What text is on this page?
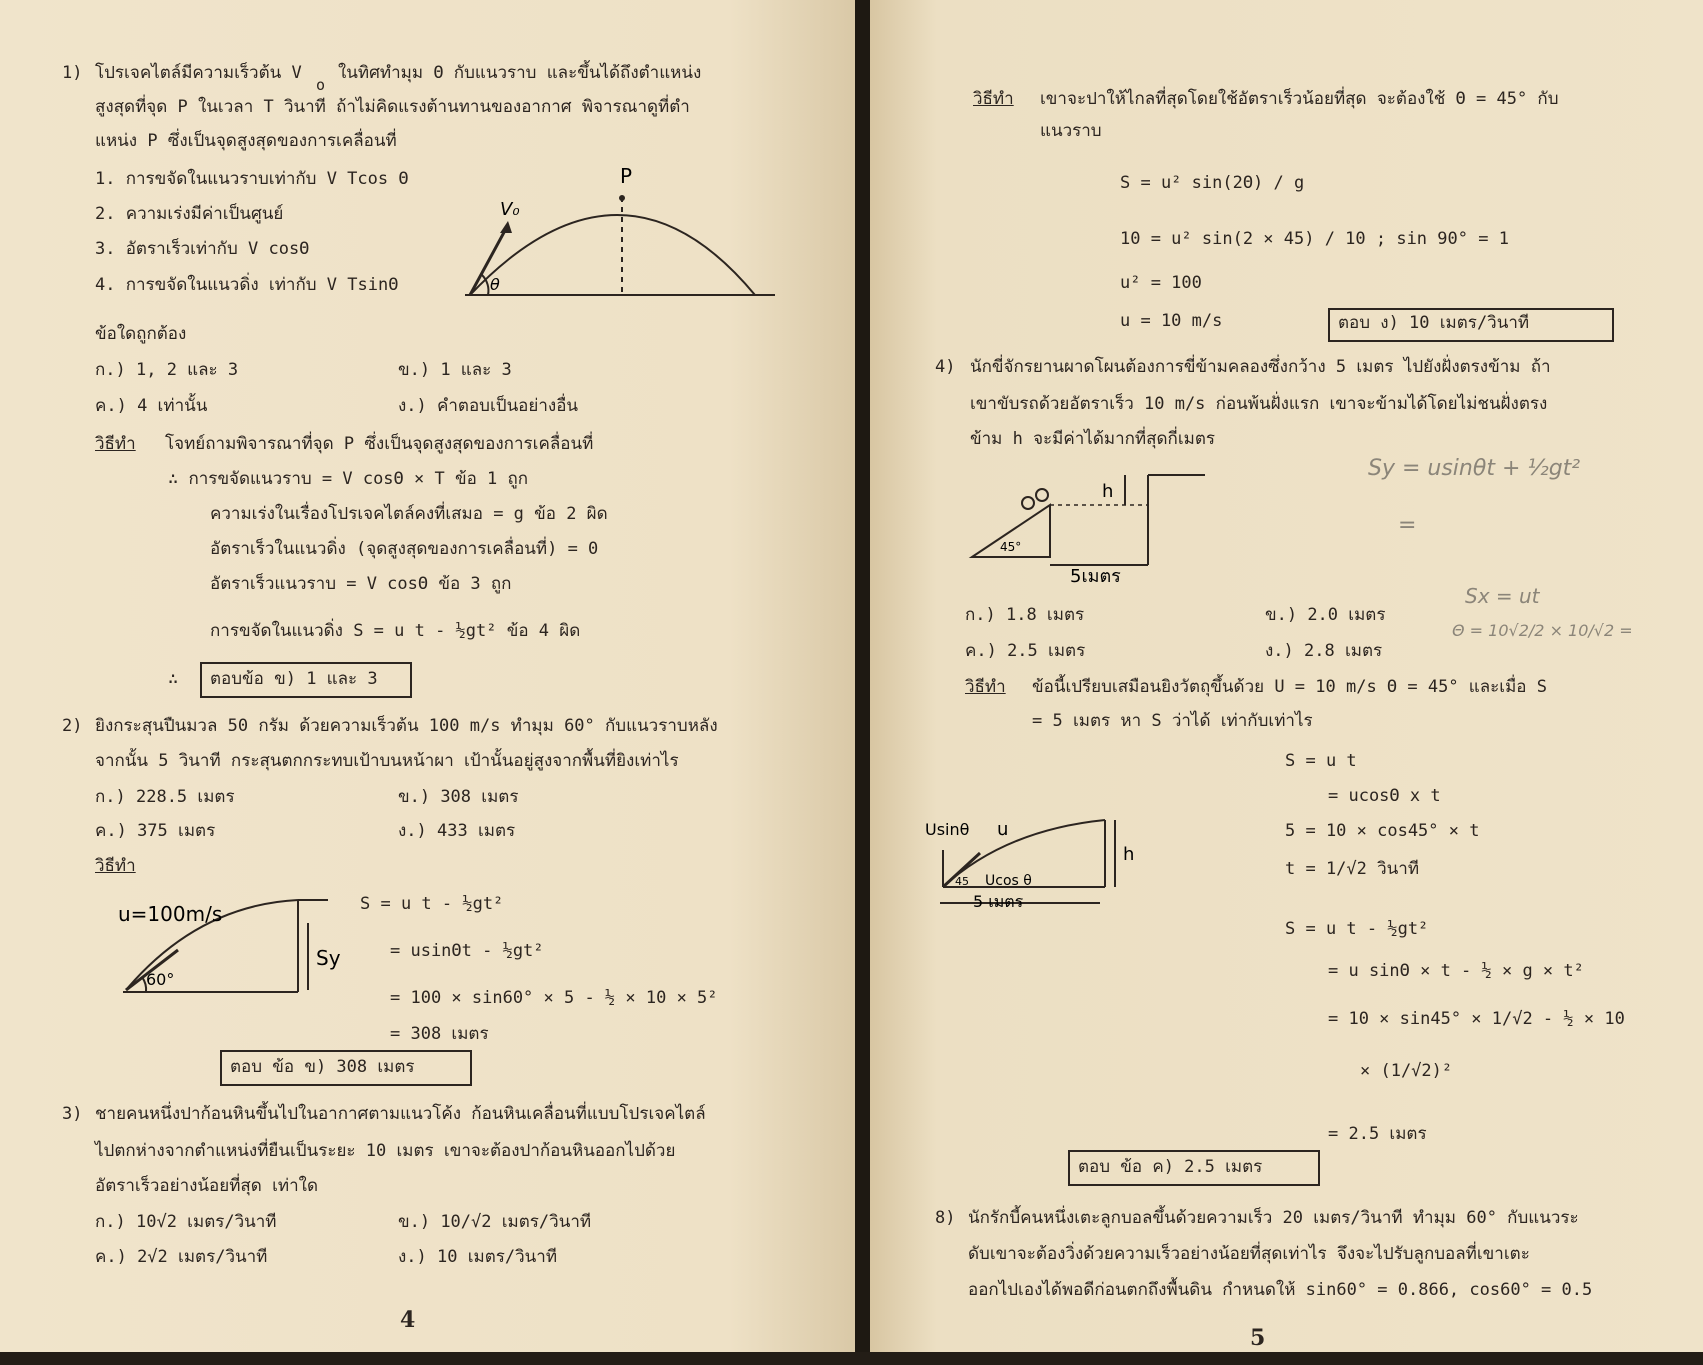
1) โปรเจคไตล์มีความเร็วต้น V
o
ในทิศทำมุม Θ กับแนวราบ และขึ้นได้ถึงตำแหน่ง
สูงสุดที่จุด P ในเวลา T วินาที ถ้าไม่คิดแรงต้านทานของอากาศ พิจารณาดูที่ตำ
แหน่ง P ซึ่งเป็นจุดสูงสุดของการเคลื่อนที่
1. การขจัดในแนวราบเท่ากับ V Tcos Θ
2. ความเร่งมีค่าเป็นศูนย์
3. อัตราเร็วเท่ากับ V cosΘ
4. การขจัดในแนวดิ่ง เท่ากับ V TsinΘ
P
V₀
θ
ข้อใดถูกต้อง
ก.) 1, 2 และ 3	ข.) 1 และ 3
ค.) 4 เท่านั้น	ง.) คำตอบเป็นอย่างอื่น
วิธีทำ โจทย์ถามพิจารณาที่จุด P ซึ่งเป็นจุดสูงสุดของการเคลื่อนที่
∴ การขจัดแนวราบ = V cosΘ × T ข้อ 1 ถูก
ความเร่งในเรื่องโปรเจคไตล์คงที่เสมอ = g ข้อ 2 ผิด
อัตราเร็วในแนวดิ่ง (จุดสูงสุดของการเคลื่อนที่) = 0
อัตราเร็วแนวราบ = V cosΘ ข้อ 3 ถูก
การขจัดในแนวดิ่ง S = u t - ½gt² ข้อ 4 ผิด
∴ ตอบข้อ ข) 1 และ 3
2) ยิงกระสุนปืนมวล 50 กรัม ด้วยความเร็วต้น 100 m/s ทำมุม 60° กับแนวราบหลัง
จากนั้น 5 วินาที กระสุนตกกระทบเป้าบนหน้าผา เป้านั้นอยู่สูงจากพื้นที่ยิงเท่าไร
ก.) 228.5 เมตร	ข.) 308 เมตร
ค.) 375 เมตร	ง.) 433 เมตร
วิธีทำ
u=100m/s
60°
Sy
S = u t - ½gt²
= usinΘt - ½gt²
= 100 × sin60° × 5 - ½ × 10 × 5²
= 308 เมตร
ตอบ ข้อ ข) 308 เมตร
3) ชายคนหนึ่งปาก้อนหินขึ้นไปในอากาศตามแนวโค้ง ก้อนหินเคลื่อนที่แบบโปรเจคไตล์
ไปตกห่างจากตำแหน่งที่ยืนเป็นระยะ 10 เมตร เขาจะต้องปาก้อนหินออกไปด้วย
อัตราเร็วอย่างน้อยที่สุด เท่าใด
ก.) 10√2 เมตร/วินาที	ข.) 10/√2 เมตร/วินาที
ค.) 2√2 เมตร/วินาที	ง.) 10 เมตร/วินาที
4
วิธีทำ เขาจะปาให้ไกลที่สุดโดยใช้อัตราเร็วน้อยที่สุด จะต้องใช้ Θ = 45° กับ
แนวราบ
S = u² sin(2Θ) / g
10 = u² sin(2 × 45) / 10 ; sin 90° = 1
u² = 100
u = 10 m/s	ตอบ ง) 10 เมตร/วินาที
4) นักขี่จักรยานผาดโผนต้องการขี่ข้ามคลองซึ่งกว้าง 5 เมตร ไปยังฝั่งตรงข้าม ถ้า
เขาขับรถด้วยอัตราเร็ว 10 m/s ก่อนพ้นฝั่งแรก เขาจะข้ามได้โดยไม่ชนฝั่งตรง
ข้าม h จะมีค่าได้มากที่สุดกี่เมตร
h
45°
5เมตร
ก.) 1.8 เมตร	ข.) 2.0 เมตร
ค.) 2.5 เมตร	ง.) 2.8 เมตร
วิธีทำ ข้อนี้เปรียบเสมือนยิงวัตถุขึ้นด้วย U = 10 m/s Θ = 45° และเมื่อ S
= 5 เมตร หา S ว่าได้ เท่ากับเท่าไร
Usinθ u
Ucos θ
45
5 เมตร
h
S = u t
= ucosΘ x t
5 = 10 × cos45° × t
t = 1/√2 วินาที
S = u t - ½gt²
= u sinΘ × t - ½ × g × t²
= 10 × sin45° × 1/√2 - ½ × 10
× (1/√2)²
= 2.5 เมตร
ตอบ ข้อ ค) 2.5 เมตร
8) นักรักบี้คนหนึ่งเตะลูกบอลขึ้นด้วยความเร็ว 20 เมตร/วินาที ทำมุม 60° กับแนวระ
ดับเขาจะต้องวิ่งด้วยความเร็วอย่างน้อยที่สุดเท่าไร จึงจะไปรับลูกบอลที่เขาเตะ
ออกไปเองได้พอดีก่อนตกถึงพื้นดิน กำหนดให้ sin60° = 0.866, cos60° = 0.5
Sy = usinθt + ½gt²
=
Sx = ut
Θ = 10√2/2 × 10/√2 =
5
